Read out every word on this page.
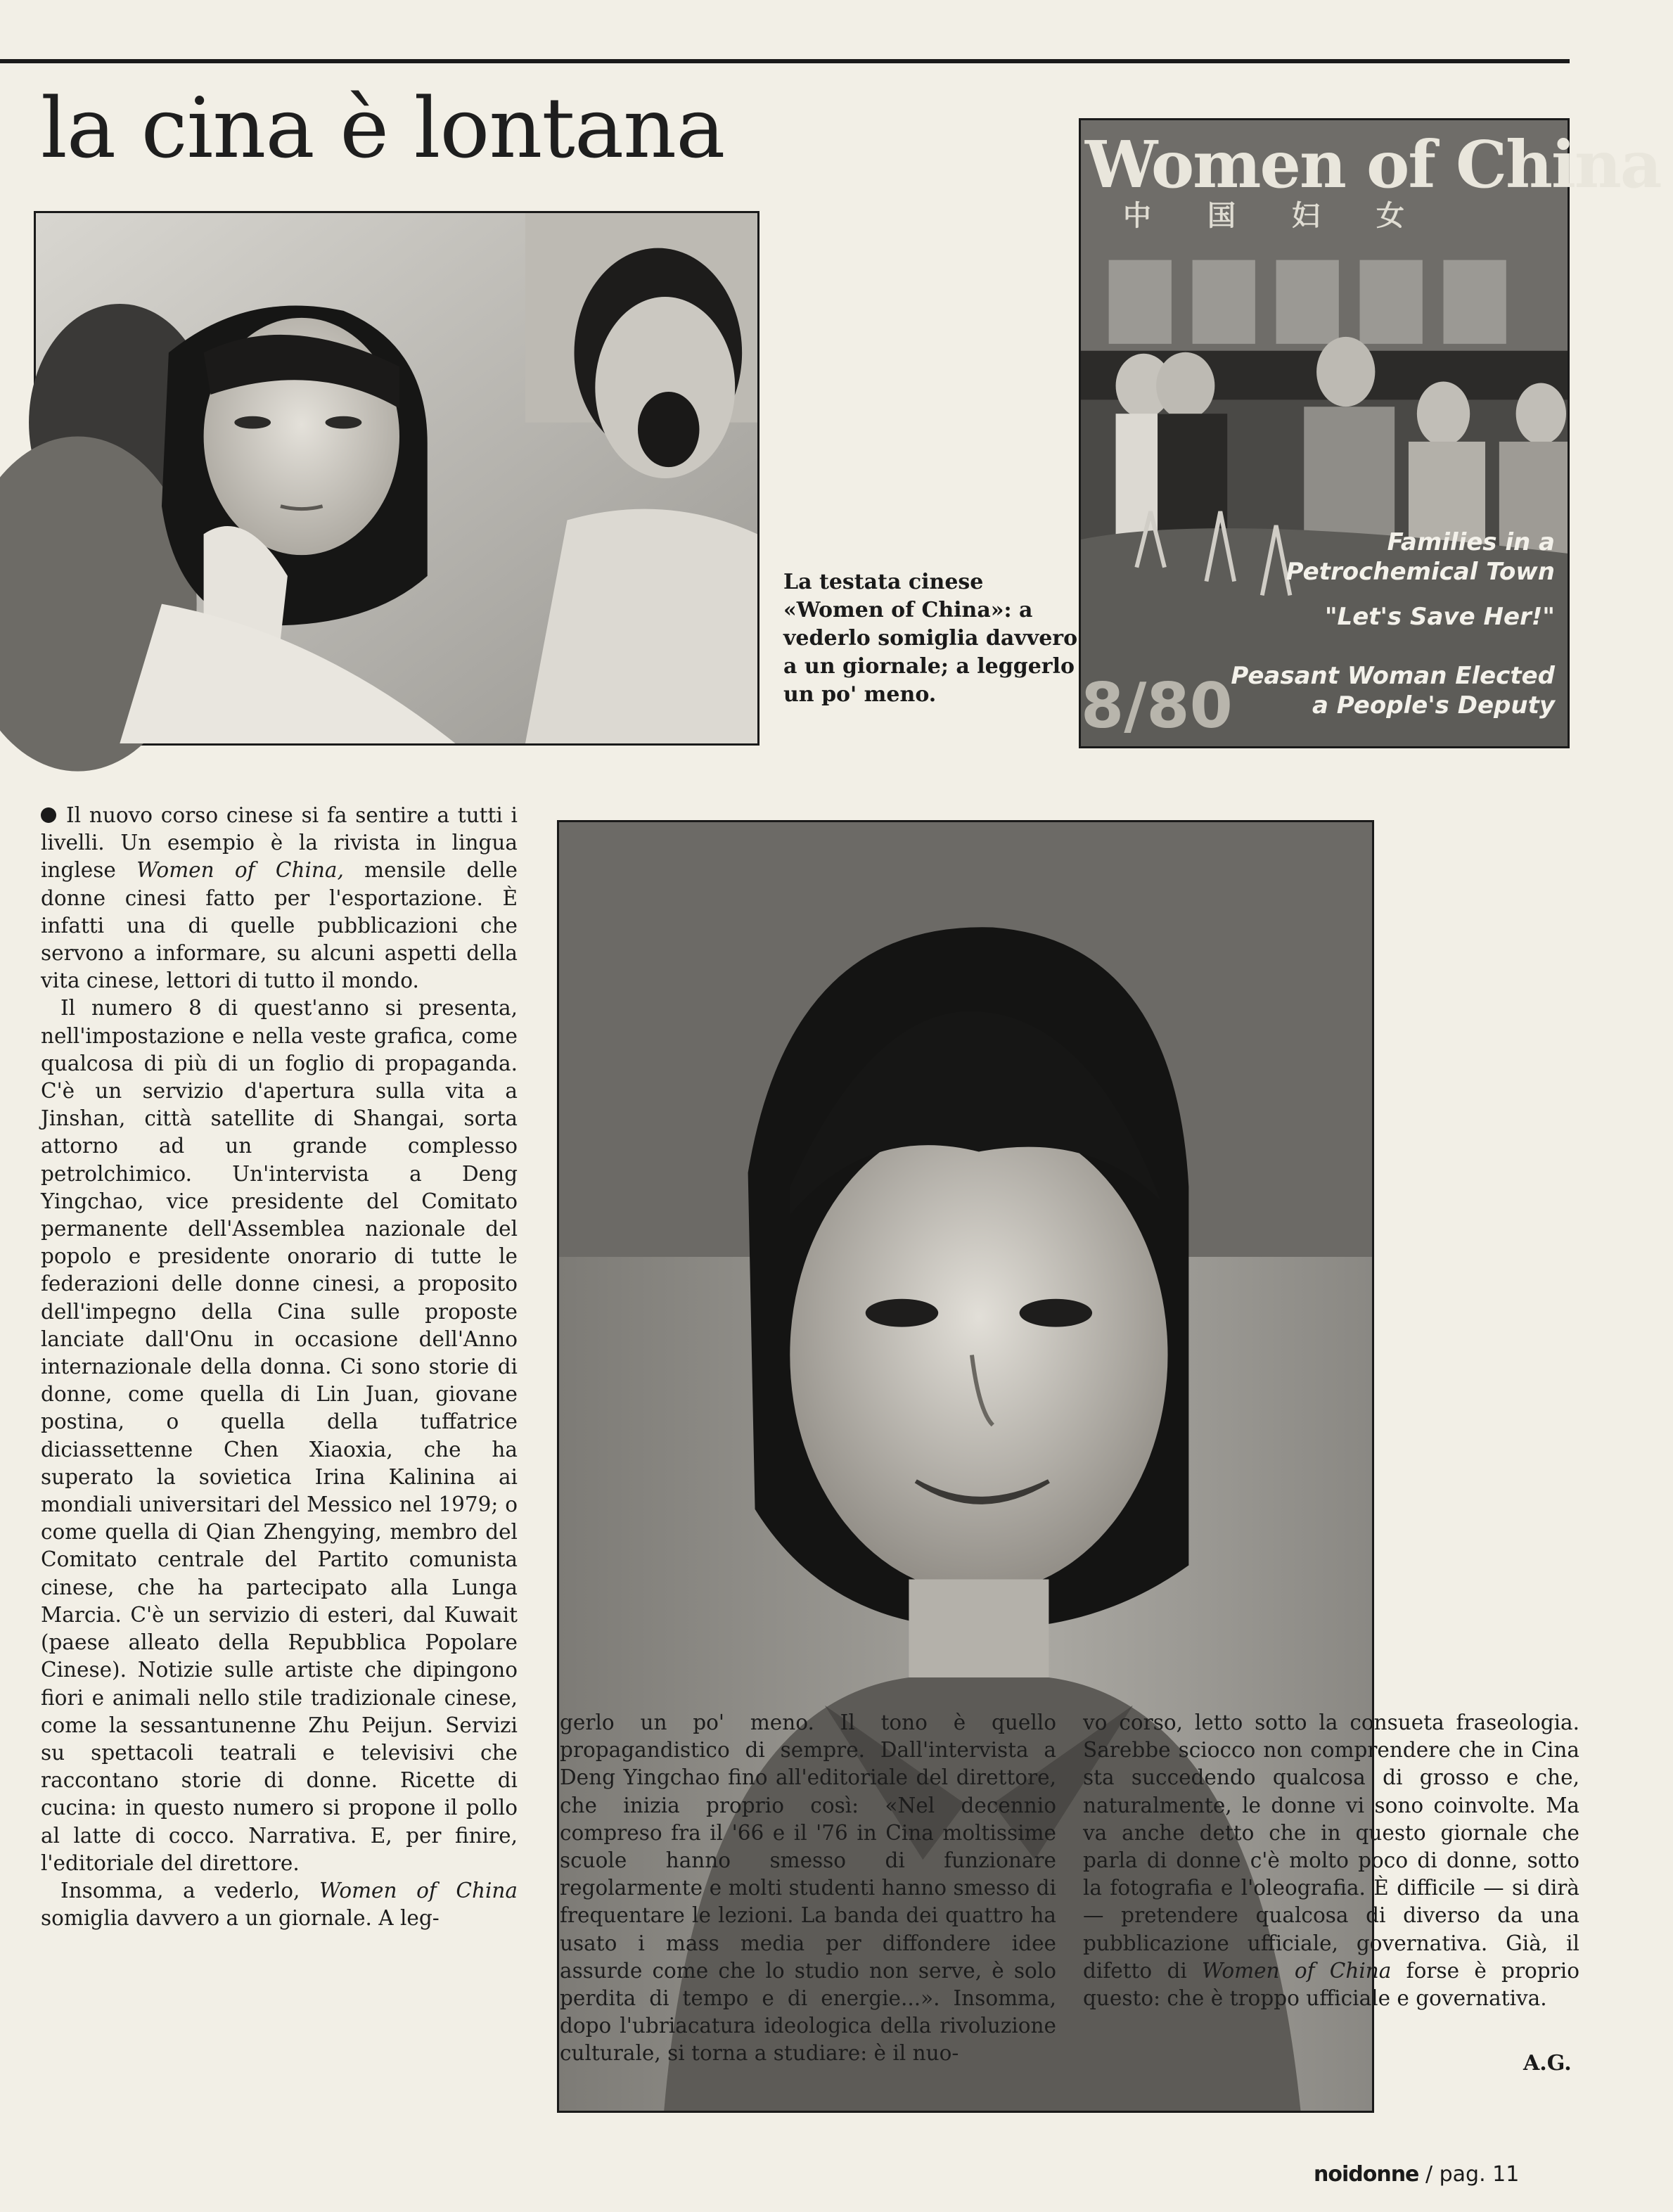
la cina è lontana	Women of China
中国妇女
Families in a
Petrochemical Town
"Let's Save Her!"
Peasant Woman Elected
a People's Deputy
8/80
La testata cinese «Women of China»: a vederlo somiglia davvero a un giornale; a leggerlo un po' meno.

Il nuovo corso cinese si fa sentire a tutti i livelli. Un esempio è la rivista in lingua inglese Women of China, mensile delle donne cinesi fatto per l'esportazione. È infatti una di quelle pubblicazioni che servono a informare, su alcuni aspetti della vita cinese, lettori di tutto il mondo.

Il numero 8 di quest'anno si presenta, nell'impostazione e nella veste grafica, come qualcosa di più di un foglio di propaganda. C'è un servizio d'apertura sulla vita a Jinshan, città satellite di Shangai, sorta attorno ad un grande complesso petrolchimico. Un'intervista a Deng Yingchao, vice presidente del Comitato permanente dell'Assemblea nazionale del popolo e presidente onorario di tutte le federazioni delle donne cinesi, a proposito dell'impegno della Cina sulle proposte lanciate dall'Onu in occasione dell'Anno internazionale della donna. Ci sono storie di donne, come quella di Lin Juan, giovane postina, o quella della tuffatrice diciassettenne Chen Xiaoxia, che ha superato la sovietica Irina Kalinina ai mondiali universitari del Messico nel 1979; o come quella di Qian Zhengying, membro del Comitato centrale del Partito comunista cinese, che ha partecipato alla Lunga Marcia. C'è un servizio di esteri, dal Kuwait (paese alleato della Repubblica Popolare Cinese). Notizie sulle artiste che dipingono fiori e animali nello stile tradizionale cinese, come la sessantunenne Zhu Peijun. Servizi su spettacoli teatrali e televisivi che raccontano storie di donne. Ricette di cucina: in questo numero si propone il pollo al latte di cocco. Narrativa. E, per finire, l'editoriale del direttore.

Insomma, a vederlo, Women of China somiglia davvero a un giornale. A leg-

gerlo un po' meno. Il tono è quello propagandistico di sempre. Dall'intervista a Deng Yingchao fino all'editoriale del direttore, che inizia proprio così: «Nel decennio compreso fra il '66 e il '76 in Cina moltissime scuole hanno smesso di funzionare regolarmente e molti studenti hanno smesso di frequentare le lezioni. La banda dei quattro ha usato i mass media per diffondere idee assurde come che lo studio non serve, è solo perdita di tempo e di energie...». Insomma, dopo l'ubriacatura ideologica della rivoluzione culturale, si torna a studiare: è il nuo-

vo corso, letto sotto la consueta fraseologia. Sarebbe sciocco non comprendere che in Cina sta succedendo qualcosa di grosso e che, naturalmente, le donne vi sono coinvolte. Ma va anche detto che in questo giornale che parla di donne c'è molto poco di donne, sotto la fotografia e l'oleografia. È difficile — si dirà — pretendere qualcosa di diverso da una pubblicazione ufficiale, governativa. Già, il difetto di Women of China forse è proprio questo: che è troppo ufficiale e governativa.

A.G.
noidonne / pag. 11
